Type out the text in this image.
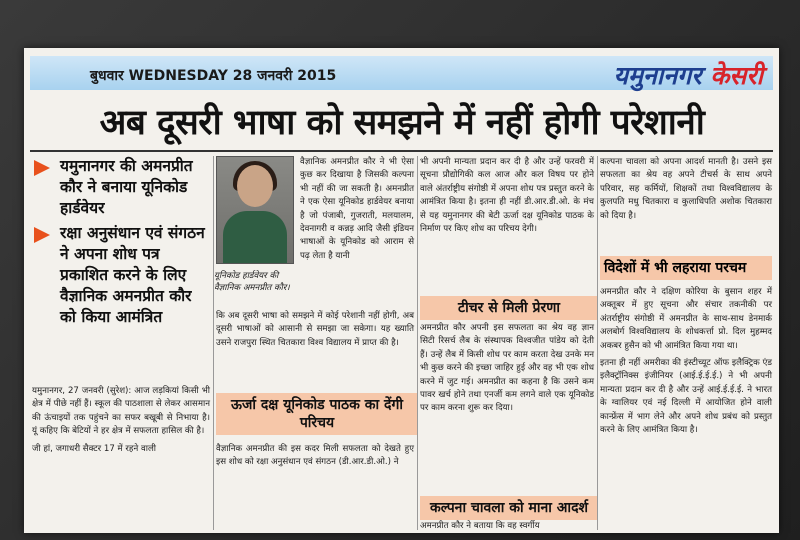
बुधवार WEDNESDAY 28 जनवरी 2015	यमुनानगर केसरी
अब दूसरी भाषा को समझने में नहीं होगी परेशानी
यमुनानगर की अमनप्रीत कौर ने बनाया यूनिकोड हार्डवेयर
रक्षा अनुसंधान एवं संगठन ने अपना शोध पत्र प्रकाशित करने के लिए वैज्ञानिक अमनप्रीत कौर को किया आमंत्रित

यमुनानगर, 27 जनवरी (सुरेश): आज लड़कियां किसी भी क्षेत्र में पीछे नहीं हैं। स्कूल की पाठशाला से लेकर आसमान की ऊंचाइयों तक पहुंचने का सफर बखूबी से निभाया है। यूं कहिए कि बेटियों ने हर क्षेत्र में सफलता हासिल की है।

जी हां, जगाधरी सैक्टर 17 में रहने वाली

यूनिकोड हार्डवेयर की वैज्ञानिक अमनप्रीत कौर।

वैज्ञानिक अमनप्रीत कौर ने भी ऐसा कुछ कर दिखाया है जिसकी कल्पना भी नहीं की जा सकती है। अमनप्रीत ने एक ऐसा यूनिकोड हार्डवेयर बनाया है जो पंजाबी, गुजराती, मलयालम, देवनागरी व कन्नड़ आदि जैसी इंडियन भाषाओं के यूनिकोड को आराम से पढ़ लेता है यानी

कि अब दूसरी भाषा को समझने में कोई परेशानी नहीं होगी, अब दूसरी भाषाओं को आसानी से समझा जा सकेगा। यह ख्याति उसने राजपुरा स्थित चितकारा विश्व विद्यालय में प्राप्त की है।

ऊर्जा दक्ष यूनिकोड पाठक का देंगी परिचय

वैज्ञानिक अमनप्रीत की इस कदर मिली सफलता को देखते हुए इस शोध को रक्षा अनुसंधान एवं संगठन (डी.आर.डी.ओ.) ने

भी अपनी मान्यता प्रदान कर दी है और उन्हें फरवरी में सूचना प्रौद्योगिकी कल आज और कल विषय पर होने वाले अंतर्राष्ट्रीय संगोष्ठी में अपना शोध पत्र प्रस्तुत करने के आमंत्रित किया है। इतना ही नहीं डी.आर.डी.ओ. के मंच से यह यमुनानगर की बेटी ऊर्जा दक्ष यूनिकोड पाठक के निर्माण पर किए शोध का परिचय देगी।

टीचर से मिली प्रेरणा

अमनप्रीत कौर अपनी इस सफलता का श्रेय वह ज्ञान सिटी रिसर्च लैब के संस्थापक विश्वजीत पांडेय को देती हैं। उन्हें लैब में किसी शोध पर काम करता देख उनके मन भी कुछ करने की इच्छा जाहिर हुई और वह भी एक शोध करने में जुट गई। अमनप्रीत का कहना है कि उसने कम पावर खर्च होने तथा एनर्जी कम लगने वाले एक यूनिकोड पर काम करना शुरू कर दिया।

कल्पना चावला को माना आदर्श

अमनप्रीत कौर ने बताया कि वह स्वर्गीय

कल्पना चावला को अपना आदर्श मानती है। उसने इस सफलता का श्रेय वह अपने टीचर्स के साथ अपने परिवार, सह कर्मियों, शिक्षकों तथा विश्वविद्यालय के कुलपति मधु चितकारा व कुलाधिपति अशोक चितकारा को दिया है।

विदेशों में भी लहराया परचम

अमनप्रीत कौर ने दक्षिण कोरिया के बुसान शहर में अक्तूबर में हुए सूचना और संचार तकनीकी पर अंतर्राष्ट्रीय संगोष्ठी में अमनप्रीत के साथ-साथ डेनमार्क अलबोर्ग विश्वविद्यालय के शोधकर्त्ता प्रो. दिल मुहम्मद अकबर हुसैन को भी आमंत्रित किया गया था।

इतना ही नहीं अमरीका की इंस्टीच्यूट ऑफ इलैक्ट्रिक एंड इलैक्ट्रॉनिक्स इंजीनियर (आई.ई.ई.ई.) ने भी अपनी मान्यता प्रदान कर दी है और उन्हें आई.ई.ई.ई. ने भारत के ग्वालियर एवं नई दिल्ली में आयोजित होने वाली कान्फ्रेंस में भाग लेने और अपने शोध प्रबंध को प्रस्तुत करने के लिए आमंत्रित किया है।
